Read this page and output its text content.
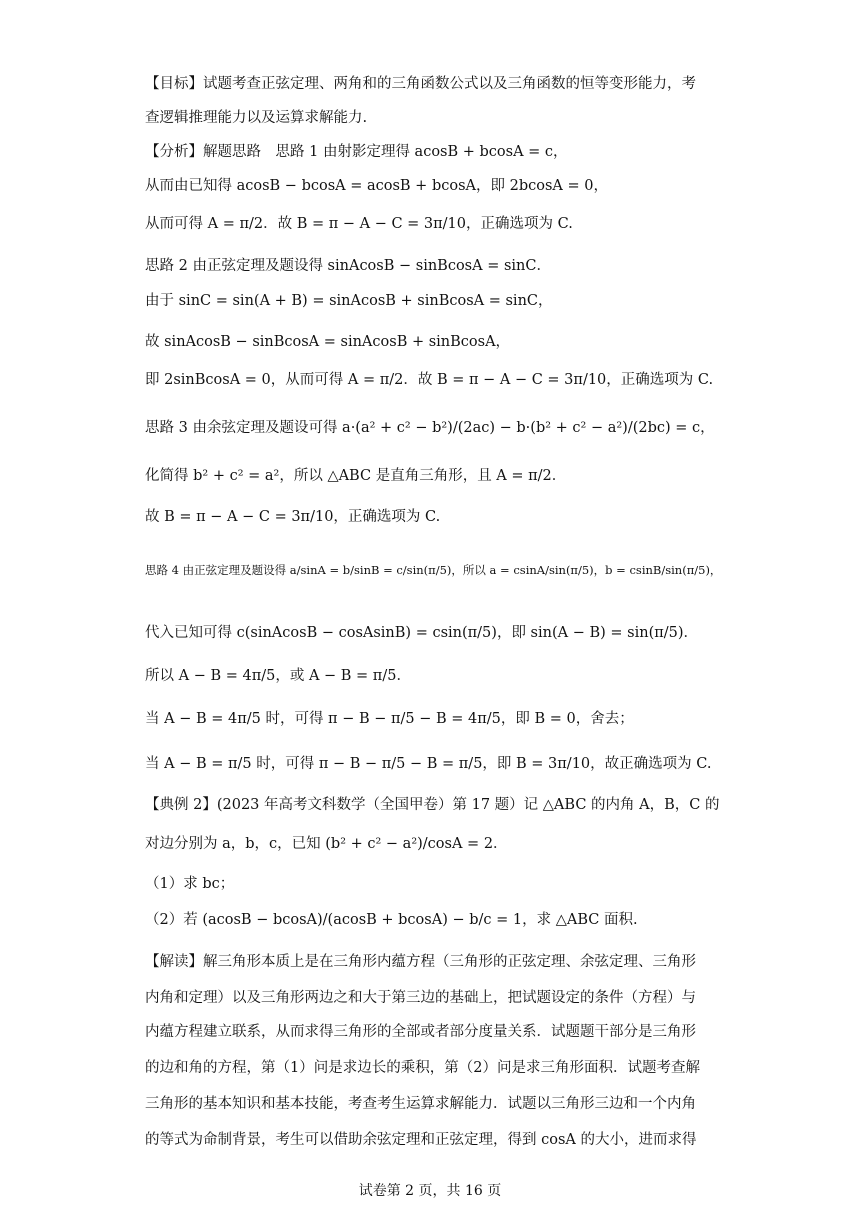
【目标】试题考查正弦定理、两角和的三角函数公式以及三角函数的恒等变形能力，考
查逻辑推理能力以及运算求解能力.
【分析】解题思路　思路 1 由射影定理得 acosB + bcosA = c，
从而由已知得 acosB − bcosA = acosB + bcosA，即 2bcosA = 0，
从而可得 A = π/2．故 B = π − A − C = 3π/10，正确选项为 C.
思路 2 由正弦定理及题设得 sinAcosB − sinBcosA = sinC．
由于 sinC = sin(A + B) = sinAcosB + sinBcosA = sinC，
故 sinAcosB − sinBcosA = sinAcosB + sinBcosA，
即 2sinBcosA = 0，从而可得 A = π/2．故 B = π − A − C = 3π/10，正确选项为 C.
思路 3 由余弦定理及题设可得 a·(a² + c² − b²)/(2ac) − b·(b² + c² − a²)/(2bc) = c，
化简得 b² + c² = a²，所以 △ABC 是直角三角形，且 A = π/2．
故 B = π − A − C = 3π/10，正确选项为 C.
思路 4 由正弦定理及题设得 a/sinA = b/sinB = c/sin(π/5)，所以 a = csinA/sin(π/5)，b = csinB/sin(π/5)，
代入已知可得 c(sinAcosB − cosAsinB) = csin(π/5)，即 sin(A − B) = sin(π/5)．
所以 A − B = 4π/5，或 A − B = π/5．
当 A − B = 4π/5 时，可得 π − B − π/5 − B = 4π/5，即 B = 0，舍去；
当 A − B = π/5 时，可得 π − B − π/5 − B = π/5，即 B = 3π/10，故正确选项为 C.
【典例 2】(2023 年高考文科数学（全国甲卷）第 17 题）记 △ABC 的内角 A，B，C 的
对边分别为 a，b，c，已知 (b² + c² − a²)/cosA = 2．
（1）求 bc；
（2）若 (acosB − bcosA)/(acosB + bcosA) − b/c = 1，求 △ABC 面积.
【解读】解三角形本质上是在三角形内蕴方程（三角形的正弦定理、余弦定理、三角形
内角和定理）以及三角形两边之和大于第三边的基础上，把试题设定的条件（方程）与
内蕴方程建立联系，从而求得三角形的全部或者部分度量关系．试题题干部分是三角形
的边和角的方程，第（1）问是求边长的乘积，第（2）问是求三角形面积．试题考查解
三角形的基本知识和基本技能，考查考生运算求解能力．试题以三角形三边和一个内角
的等式为命制背景，考生可以借助余弦定理和正弦定理，得到 cosA 的大小，进而求得
试卷第 2 页，共 16 页
